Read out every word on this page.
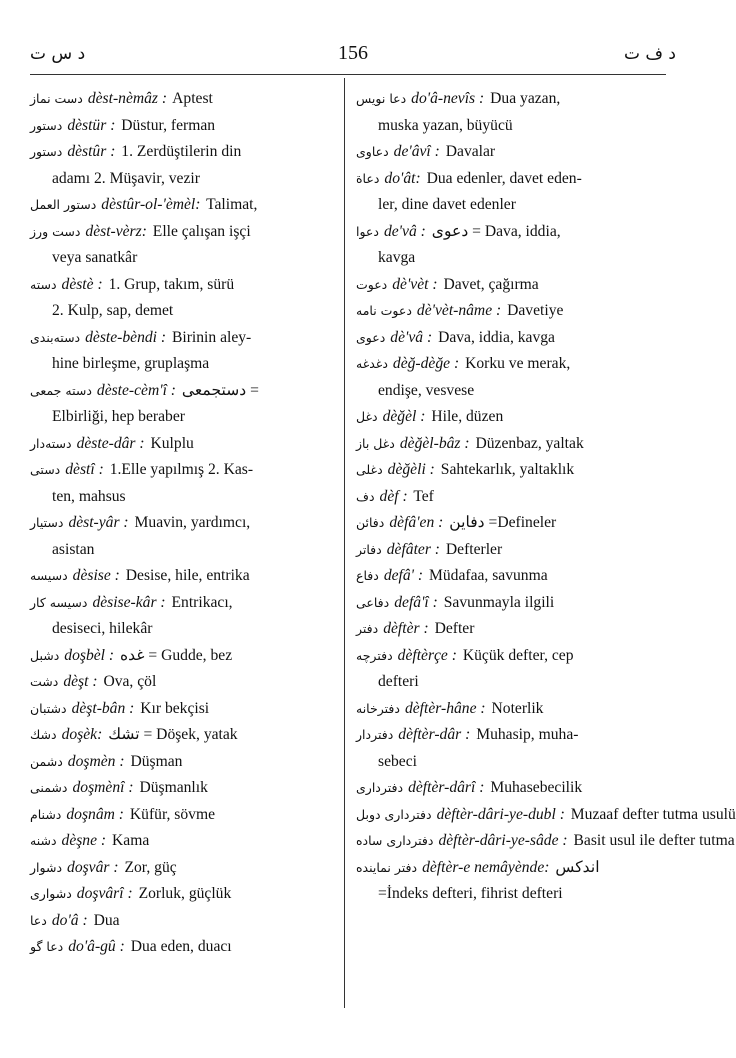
د س ت	156	د ف ت
دست نماز dèst-nèmâz : Aptest
دستور dèstür : Düstur, ferman
دستور dèstûr : 1. Zerdüştilerin din
adamı 2. Müşavir, vezir
دستور العمل dèstûr-ol-'èmèl: Talimat,
دست ورز dèst-vèrz: Elle çalışan işçi
veya sanatkâr
دسته dèstè : 1. Grup, takım, sürü
2. Kulp, sap, demet
دسته‌بندی dèste-bèndi : Birinin aley-
hine birleşme, gruplaşma
دسته جمعی dèste-cèm'î : دستجمعی =
Elbirliği, hep beraber
دسته‌دار dèste-dâr : Kulplu
دستی dèstî : 1.Elle yapılmış 2. Kas-
ten, mahsus
دستيار dèst-yâr : Muavin, yardımcı,
asistan
دسيسه dèsise : Desise, hile, entrika
دسيسه كار dèsise-kâr : Entrikacı,
desiseci, hilekâr
دشبل doşbèl : غده = Gudde, bez
دشت dèşt : Ova, çöl
دشتبان dèşt-bân : Kır bekçisi
دشك doşèk: تشك = Döşek, yatak
دشمن doşmèn : Düşman
دشمنی doşmènî : Düşmanlık
دشنام doşnâm : Küfür, sövme
دشنه dèşne : Kama
دشوار doşvâr : Zor, güç
دشوارى doşvârî : Zorluk, güçlük
دعا do'â : Dua
دعا گو do'â-gû : Dua eden, duacı
دعا نويس do'â-nevîs : Dua yazan,
muska yazan, büyücü
دعاوى de'âvî : Davalar
دعاة do'ât: Dua edenler, davet eden-
ler, dine davet edenler
دعوا de'vâ : دعوى = Dava, iddia,
kavga
دعوت dè'vèt : Davet, çağırma
دعوت نامه dè'vèt-nâme : Davetiye
دعوى dè'vâ : Dava, iddia, kavga
دغدغه dèğ-dèğe : Korku ve merak,
endişe, vesvese
دغل dèğèl : Hile, düzen
دغل باز dèğèl-bâz : Düzenbaz, yaltak
دغلى dèğèli : Sahtekarlık, yaltaklık
دف dèf : Tef
دفائن dèfâ'en : دفاين =Defineler
دفاتر dèfâter : Defterler
دفاع defâ' : Müdafaa, savunma
دفاعی defâ'î : Savunmayla ilgili
دفتر dèftèr : Defter
دفترچه dèftèrçe : Küçük defter, cep
defteri
دفترخانه dèftèr-hâne : Noterlik
دفتردار dèftèr-dâr : Muhasip, muha-
sebeci
دفتردارى dèftèr-dârî : Muhasebecilik
دفتردارى دوبل dèftèr-dâri-ye-dubl : Muzaaf defter tutma usulü
دفتردارى ساده dèftèr-dâri-ye-sâde : Basit usul ile defter tutma
دفتر نماينده dèftèr-e nemâyènde: اندكس
=İndeks defteri, fihrist defteri
